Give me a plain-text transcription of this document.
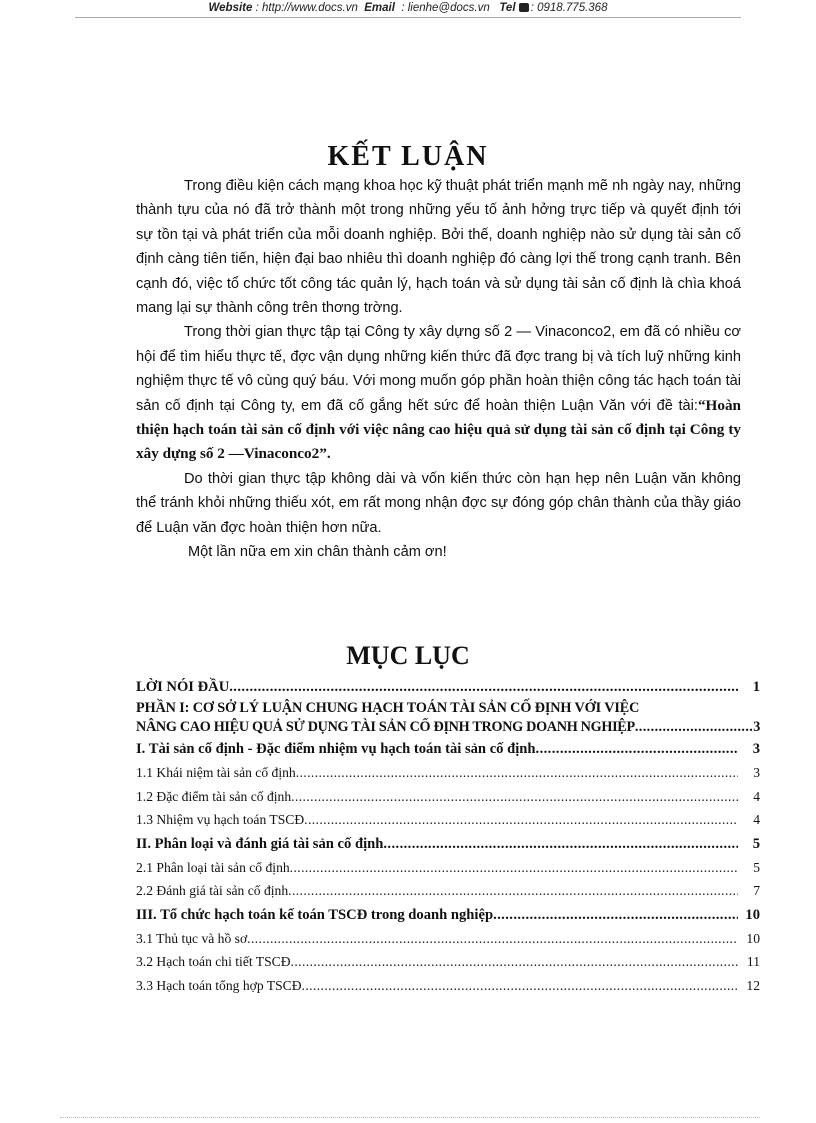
Website : http://www.docs.vn Email : lienhe@docs.vn Tel : 0918.775.368
KẾT LUẬN

Trong điều kiện cách mạng khoa học kỹ thuật phát triển mạnh mẽ nh ngày nay, những thành tựu của nó đã trở thành một trong những yếu tố ảnh hởng trực tiếp và quyết định tới sự tồn tại và phát triển của mỗi doanh nghiệp. Bởi thế, doanh nghiệp nào sử dụng tài sản cố định càng tiên tiến, hiện đại bao nhiêu thì doanh nghiệp đó càng lợi thế trong cạnh tranh. Bên cạnh đó, việc tổ chức tốt công tác quản lý, hạch toán và sử dụng tài sản cố định là chìa khoá mang lại sự thành công trên thơng trờng.

Trong thời gian thực tập tại Công ty xây dựng số 2 — Vinaconco2, em đã có nhiều cơ hội để tìm hiểu thực tế, đợc vận dụng những kiến thức đã đợc trang bị và tích luỹ những kinh nghiệm thực tế vô cùng quý báu. Với mong muốn góp phần hoàn thiện công tác hạch toán tài sản cố định tại Công ty, em đã cố gắng hết sức để hoàn thiện Luận Văn với đề tài:“Hoàn thiện hạch toán tài sản cố định với việc nâng cao hiệu quả sử dụng tài sản cố định tại Công ty xây dựng số 2 —Vinaconco2”.

Do thời gian thực tập không dài và vốn kiến thức còn hạn hẹp nên Luận văn không thể tránh khỏi những thiếu xót, em rất mong nhận đợc sự đóng góp chân thành của thầy giáo để Luận văn đợc hoàn thiện hơn nữa.

Một lần nữa em xin chân thành cảm ơn!

MỤC LỤC
LỜI NÓI ĐẦU .....	1
PHẦN I: CƠ SỞ LÝ LUẬN CHUNG HẠCH TOÁN TÀI SẢN CỐ ĐỊNH VỚI VIỆC
NÂNG CAO HIỆU QUẢ SỬ DỤNG TÀI SẢN CỐ ĐỊNH TRONG DOANH NGHIỆP .....	3
I. Tài sản cố định - Đặc điểm nhiệm vụ hạch toán tài sản cố định .....	3
1.1 Khái niệm tài sản cố định .....	3
1.2 Đặc điểm tài sản cố định .....	4
1.3 Nhiệm vụ hạch toán TSCĐ .....	4
II. Phân loại và đánh giá tài sản cố định .....	5
2.1 Phân loại tài sản cố định .....	5
2.2 Đánh giá tài sản cố định .....	7
III. Tổ chức hạch toán kế toán TSCĐ trong doanh nghiệp .....	10
3.1 Thủ tục và hồ sơ .....	10
3.2 Hạch toán chi tiết TSCĐ .....	11
3.3 Hạch toán tổng hợp TSCĐ .....	12
